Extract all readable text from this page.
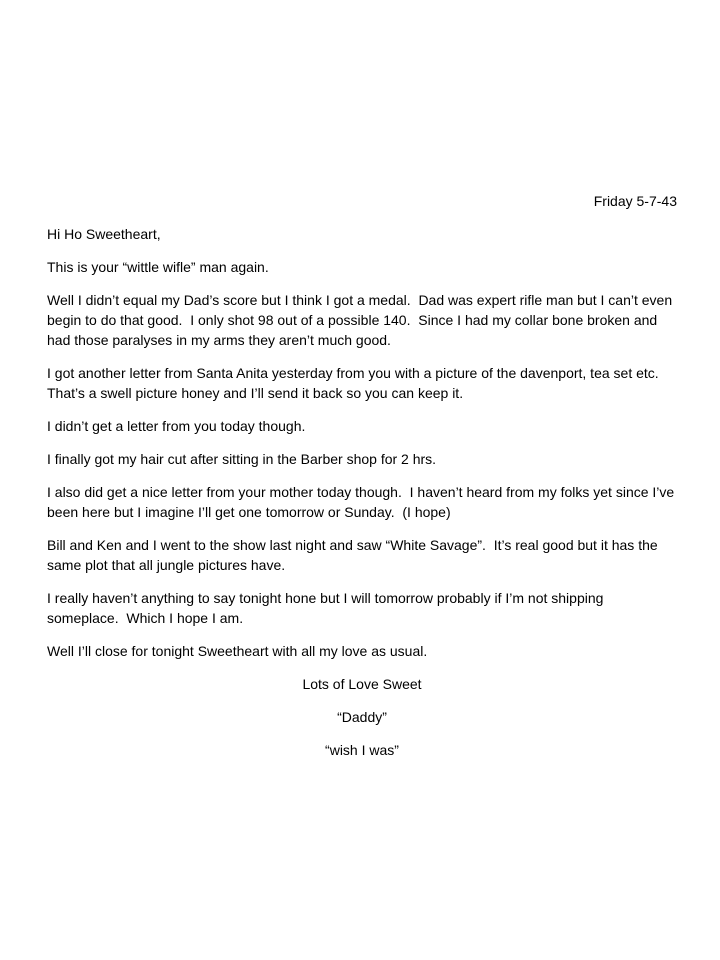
Friday 5-7-43

Hi Ho Sweetheart,

This is your “wittle wifle” man again.

Well I didn’t equal my Dad’s score but I think I got a medal.  Dad was expert rifle man but I can’t even begin to do that good.  I only shot 98 out of a possible 140.  Since I had my collar bone broken and had those paralyses in my arms they aren’t much good.

I got another letter from Santa Anita yesterday from you with a picture of the davenport, tea set etc.  That’s a swell picture honey and I’ll send it back so you can keep it.

I didn’t get a letter from you today though.

I finally got my hair cut after sitting in the Barber shop for 2 hrs.

I also did get a nice letter from your mother today though.  I haven’t heard from my folks yet since I’ve been here but I imagine I’ll get one tomorrow or Sunday.  (I hope)

Bill and Ken and I went to the show last night and saw “White Savage”.  It’s real good but it has the same plot that all jungle pictures have.

I really haven’t anything to say tonight hone but I will tomorrow probably if I’m not shipping someplace.  Which I hope I am.

Well I’ll close for tonight Sweetheart with all my love as usual.

Lots of Love Sweet

“Daddy”

“wish I was”
